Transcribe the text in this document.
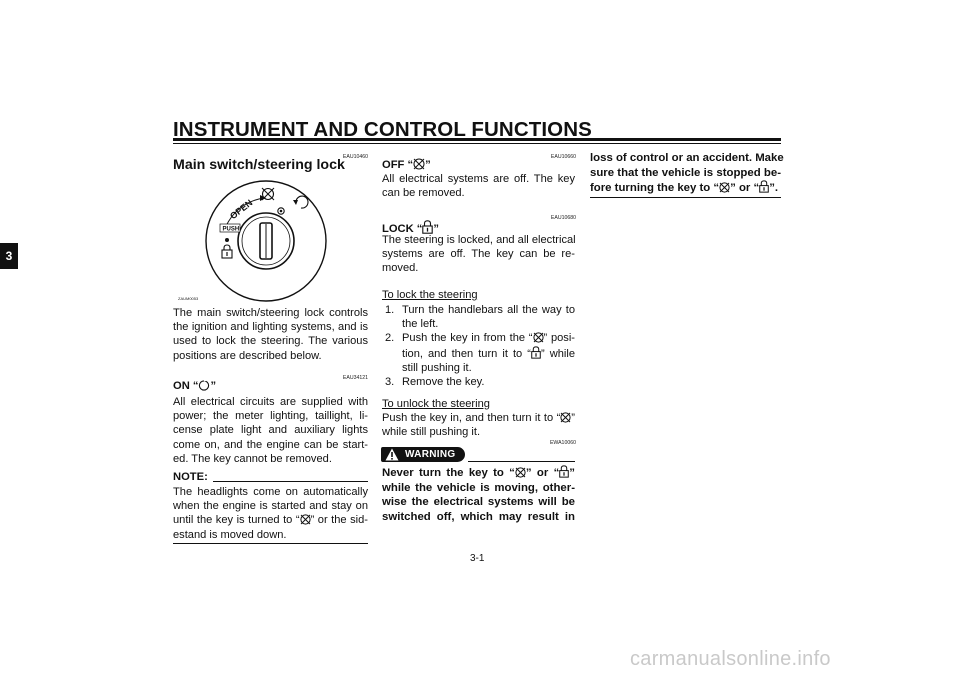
INSTRUMENT AND CONTROL FUNCTIONS
3
EAU10460
Main switch/steering lock
OPEN
PUSH
ZAUM0053
The main switch/steering lock controls
the ignition and lighting systems, and is
used to lock the steering. The various
positions are described below.
EAU34121
ON “ ”
All electrical circuits are supplied with
power; the meter lighting, taillight, li-
cense plate light and auxiliary lights
come on, and the engine can be start-
ed. The key cannot be removed.
NOTE:
The headlights come on automatically
when the engine is started and stay on
until the key is turned to “ ” or the sid-
estand is moved down.
EAU10660
OFF “ ”
All electrical systems are off. The key
can be removed.
EAU10680
LOCK “ ”
The steering is locked, and all electrical
systems are off. The key can be re-
moved.
To lock the steering
1. Turn the handlebars all the way to
the left.
2. Push the key in from the “ ” posi-
tion, and then turn it to “ ” while
still pushing it.
3. Remove the key.
To unlock the steering
Push the key in, and then turn it to “ ”
while still pushing it.
EWA10060
WARNING
Never turn the key to “ ” or “ ”
while the vehicle is moving, other-
wise the electrical systems will be
switched off, which may result in
loss of control or an accident. Make
sure that the vehicle is stopped be-
fore turning the key to “ ” or “ ”.
3-1
carmanualsonline.info
